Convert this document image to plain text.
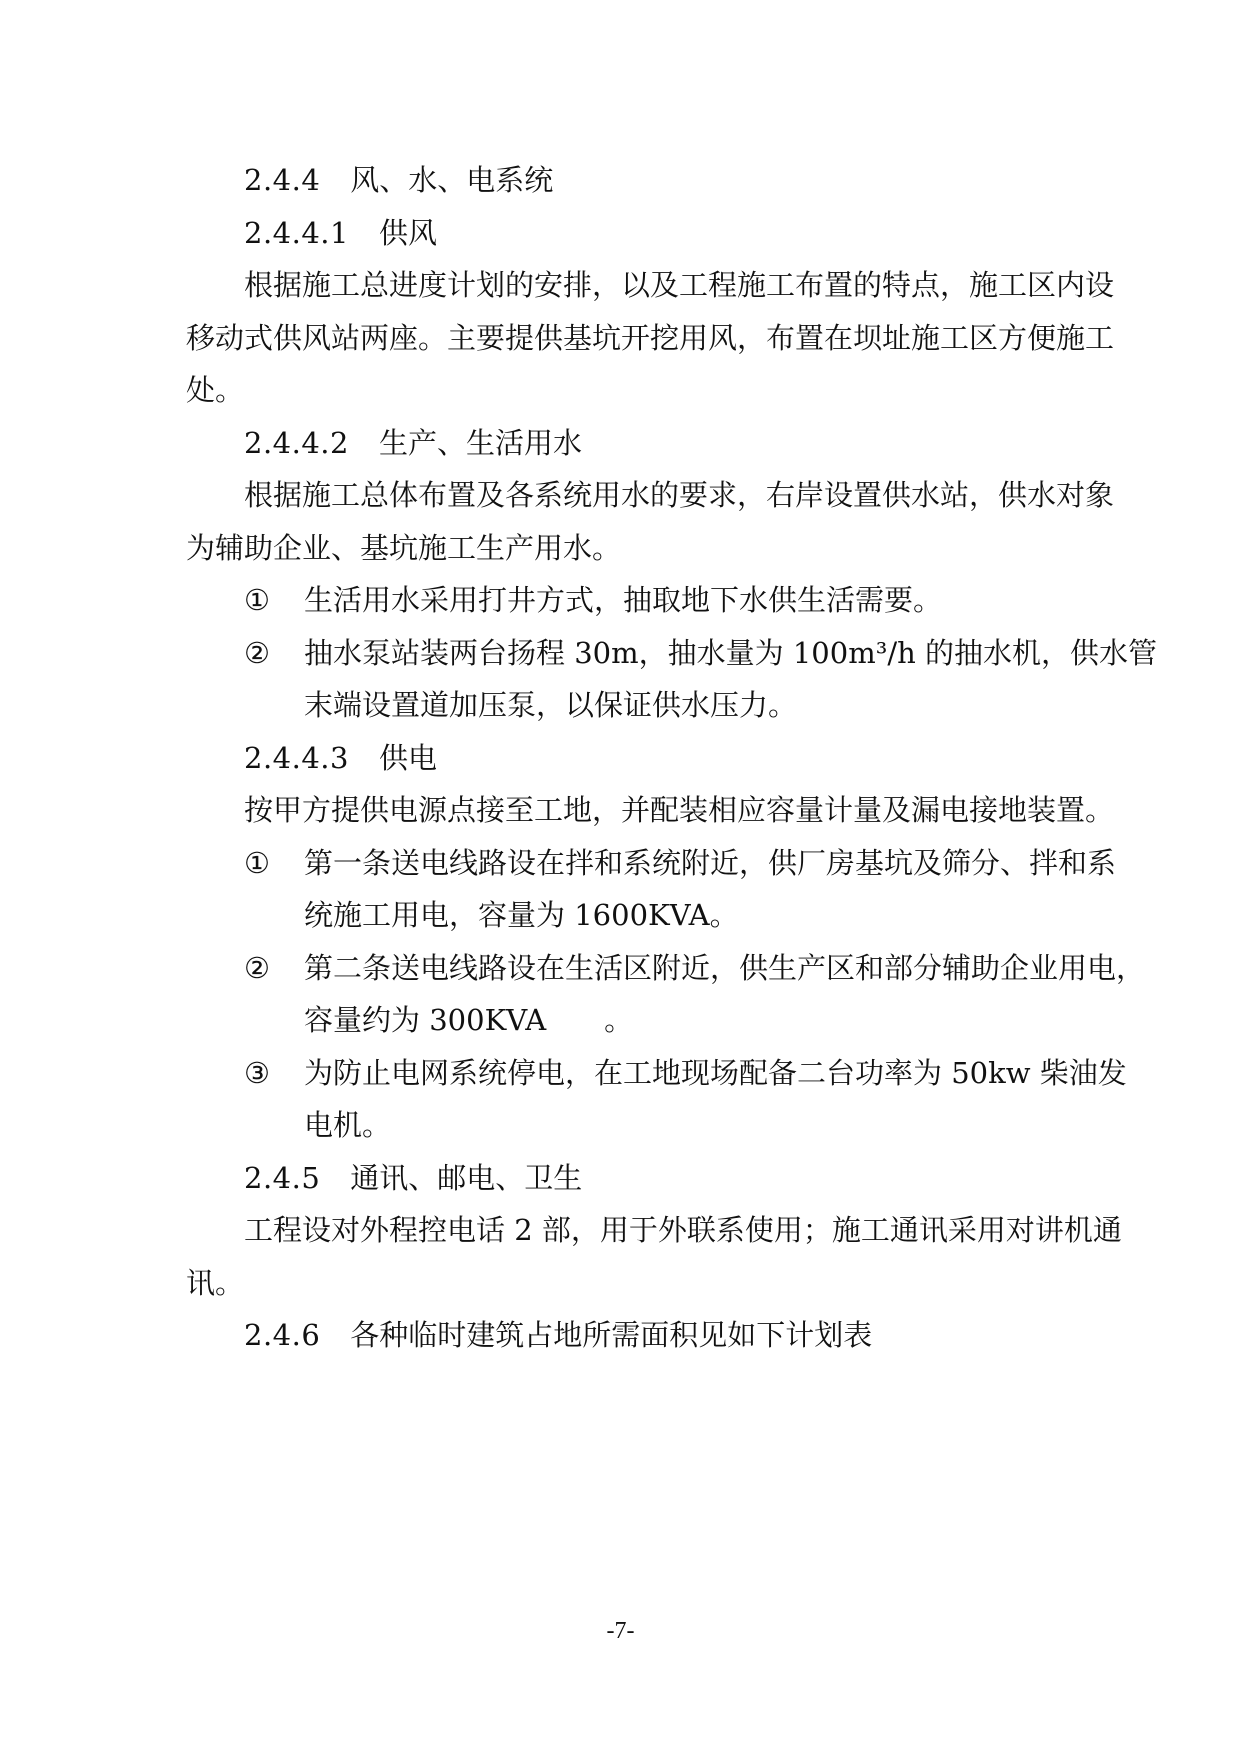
2.4.4 风、水、电系统
2.4.4.1 供风
根据施工总进度计划的安排，以及工程施工布置的特点，施工区内设
移动式供风站两座。主要提供基坑开挖用风，布置在坝址施工区方便施工
处。
2.4.4.2 生产、生活用水
根据施工总体布置及各系统用水的要求，右岸设置供水站，供水对象
为辅助企业、基坑施工生产用水。
① 生活用水采用打井方式，抽取地下水供生活需要。
② 抽水泵站装两台扬程 30m，抽水量为 100m³/h 的抽水机，供水管
末端设置道加压泵，以保证供水压力。
2.4.4.3 供电
按甲方提供电源点接至工地，并配装相应容量计量及漏电接地装置。
① 第一条送电线路设在拌和系统附近，供厂房基坑及筛分、拌和系
统施工用电，容量为 1600KVA。
② 第二条送电线路设在生活区附近，供生产区和部分辅助企业用电，
容量约为 300KVA　　。
③ 为防止电网系统停电，在工地现场配备二台功率为 50kw 柴油发
电机。
2.4.5 通讯、邮电、卫生
工程设对外程控电话 2 部，用于外联系使用；施工通讯采用对讲机通
讯。
2.4.6 各种临时建筑占地所需面积见如下计划表
-7-
